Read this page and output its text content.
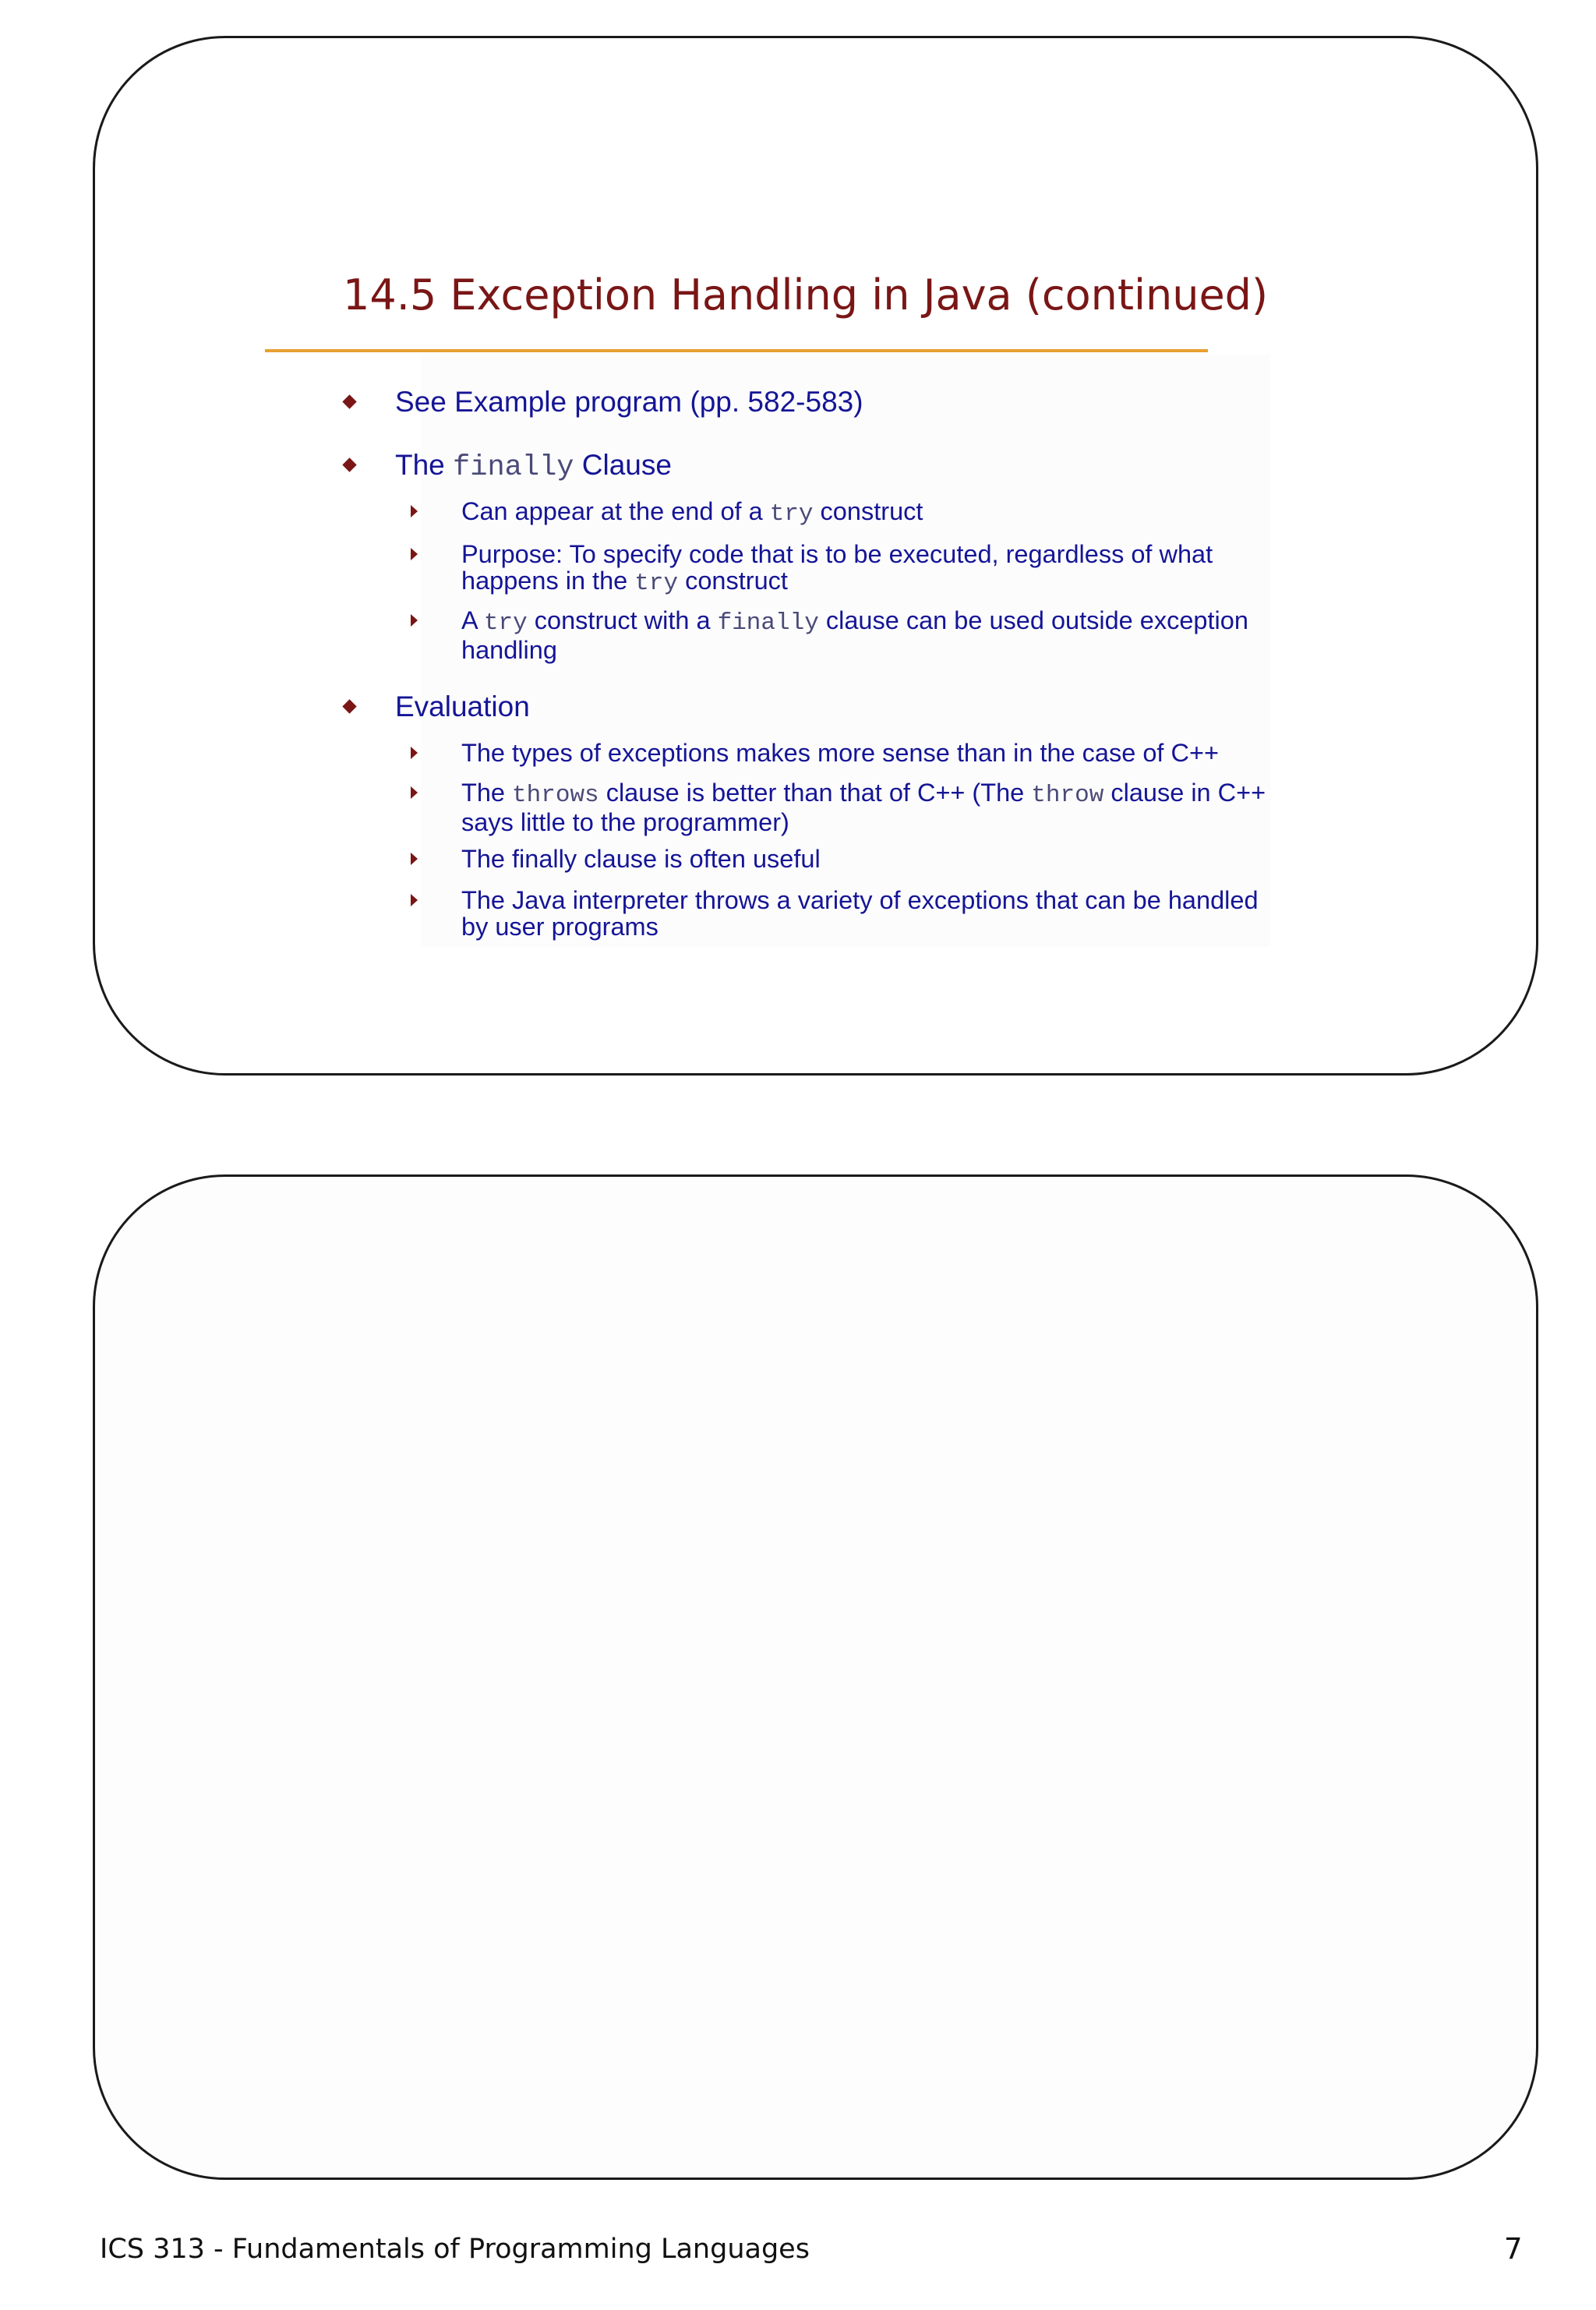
14.5 Exception Handling in Java (continued)
See Example program (pp. 582-583)
The finally Clause
Can appear at the end of a try construct
Purpose: To specify code that is to be executed, regardless of what happens in the try construct
A try construct with a finally clause can be used outside exception handling
Evaluation
The types of exceptions makes more sense than in the case of C++
The throws clause is better than that of C++ (The throw clause in C++ says little to the programmer)
The finally clause is often useful
The Java interpreter throws a variety of exceptions that can be handled by user programs
ICS 313 - Fundamentals of Programming Languages	7
